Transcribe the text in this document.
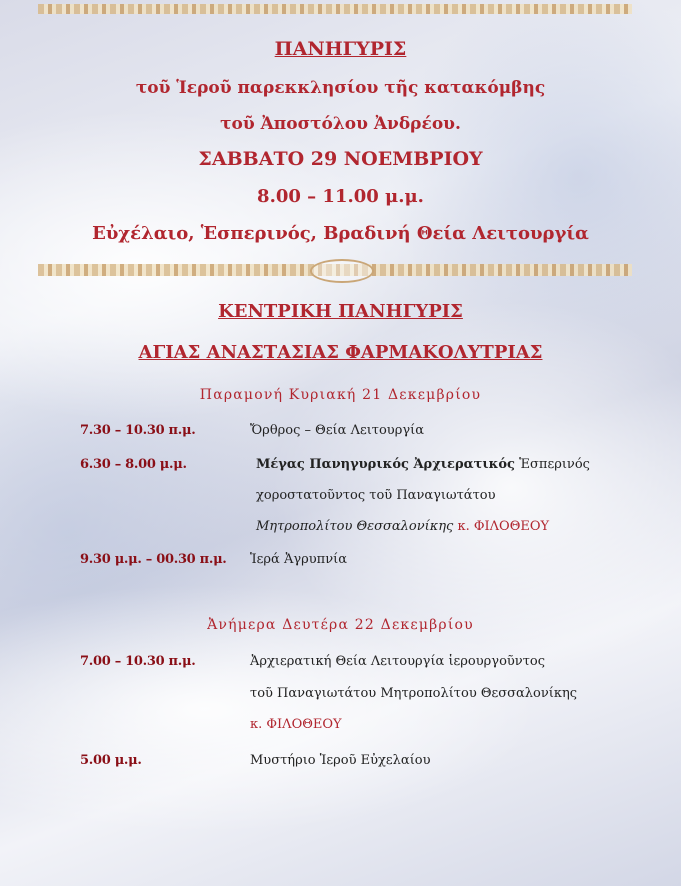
ΠΑΝΗΓΥΡΙΣ
τοῦ Ἱεροῦ παρεκκλησίου τῆς κατακόμβης
τοῦ Ἀποστόλου Ἀνδρέου.
ΣΑΒΒΑΤΟ 29 ΝΟΕΜΒΡΙΟΥ
8.00 – 11.00 μ.μ.
Εὐχέλαιο, Ἑσπερινός, Βραδινή Θεία Λειτουργία
ΚΕΝΤΡΙΚΗ ΠΑΝΗΓΥΡΙΣ
ΑΓΙΑΣ ΑΝΑΣΤΑΣΙΑΣ ΦΑΡΜΑΚΟΛΥΤΡΙΑΣ
Παραμονή Κυριακή 21 Δεκεμβρίου
7.30 – 10.30 π.μ.	Ὄρθρος – Θεία Λειτουργία
6.30 – 8.00 μ.μ.	Μέγας Πανηγυρικός Ἀρχιερατικός Ἑσπερινός
χοροστατοῦντος τοῦ Παναγιωτάτου
Μητροπολίτου Θεσσαλονίκης κ. ΦΙΛΟΘΕΟΥ
9.30 μ.μ. – 00.30 π.μ. Ἱερά Ἀγρυπνία
Ἀνήμερα Δευτέρα 22 Δεκεμβρίου
7.00 – 10.30 π.μ.	Ἀρχιερατική Θεία Λειτουργία ἱερουργοῦντος
τοῦ Παναγιωτάτου Μητροπολίτου Θεσσαλονίκης
κ. ΦΙΛΟΘΕΟΥ
5.00 μ.μ.	Μυστήριο Ἱεροῦ Εὐχελαίου
